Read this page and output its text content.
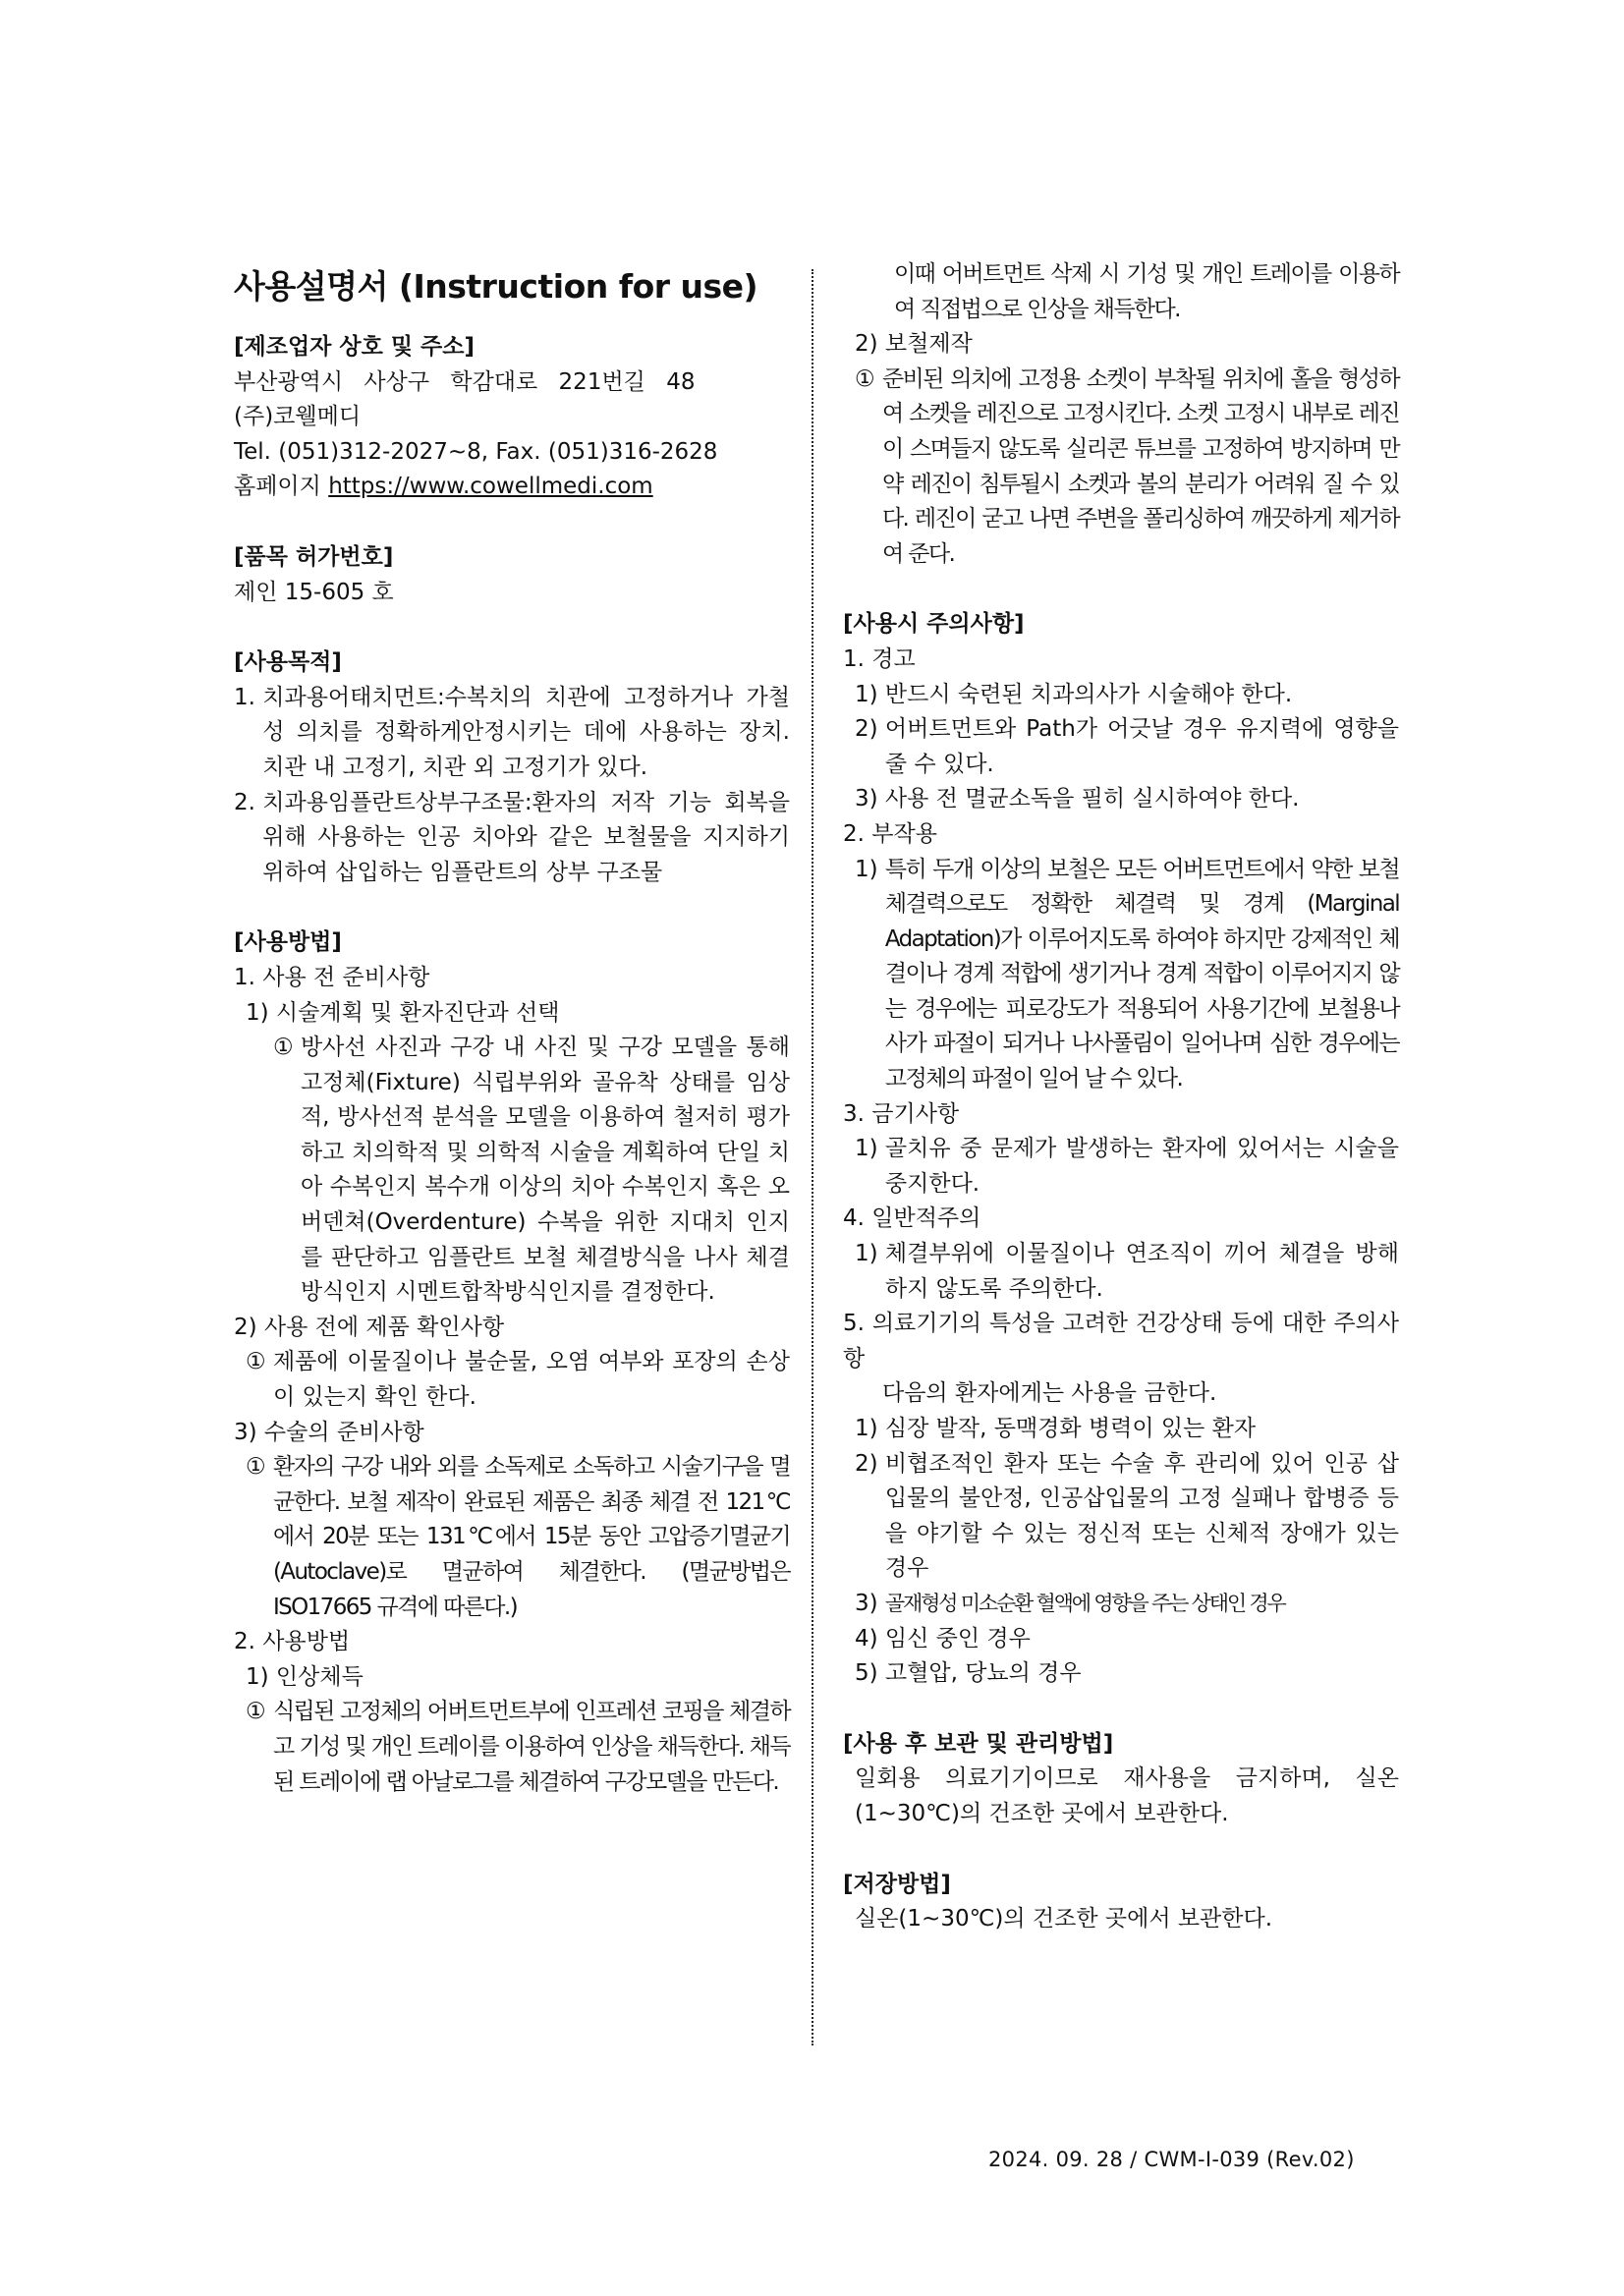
사용설명서 (Instruction for use)
[제조업자 상호 및 주소]
부산광역시 사상구 학감대로 221번길 48
(주)코웰메디
Tel. (051)312-2027~8, Fax. (051)316-2628
홈페이지 https://www.cowellmedi.com
[품목 허가번호]
제인 15-605 호
[사용목적]
1. 치과용어태치먼트:수복치의 치관에 고정하거나 가철성 의치를 정확하게안정시키는 데에 사용하는 장치. 치관 내 고정기, 치관 외 고정기가 있다.
2. 치과용임플란트상부구조물:환자의 저작 기능 회복을 위해 사용하는 인공 치아와 같은 보철물을 지지하기 위하여 삽입하는 임플란트의 상부 구조물
[사용방법]
1. 사용 전 준비사항
1) 시술계획 및 환자진단과 선택
① 방사선 사진과 구강 내 사진 및 구강 모델을 통해 고정체(Fixture) 식립부위와 골유착 상태를 임상적, 방사선적 분석을 모델을 이용하여 철저히 평가하고 치의학적 및 의학적 시술을 계획하여 단일 치아 수복인지 복수개 이상의 치아 수복인지 혹은 오버덴쳐(Overdenture) 수복을 위한 지대치 인지를 판단하고 임플란트 보철 체결방식을 나사 체결 방식인지 시멘트합착방식인지를 결정한다.
2) 사용 전에 제품 확인사항
① 제품에 이물질이나 불순물, 오염 여부와 포장의 손상이 있는지 확인 한다.
3) 수술의 준비사항
① 환자의 구강 내와 외를 소독제로 소독하고 시술기구을 멸균한다. 보철 제작이 완료된 제품은 최종 체결 전 121℃에서 20분 또는 131℃에서 15분 동안 고압증기멸균기(Autoclave)로 멸균하여 체결한다. (멸균방법은 ISO17665 규격에 따른다.)
2. 사용방법
1) 인상체득
① 식립된 고정체의 어버트먼트부에 인프레션 코핑을 체결하고 기성 및 개인 트레이를 이용하여 인상을 채득한다. 채득된 트레이에 랩 아날로그를 체결하여 구강모델을 만든다.
이때 어버트먼트 삭제 시 기성 및 개인 트레이를 이용하여 직접법으로 인상을 채득한다.
2) 보철제작
① 준비된 의치에 고정용 소켓이 부착될 위치에 홀을 형성하여 소켓을 레진으로 고정시킨다. 소켓 고정시 내부로 레진이 스며들지 않도록 실리콘 튜브를 고정하여 방지하며 만약 레진이 침투될시 소켓과 볼의 분리가 어려워 질 수 있다. 레진이 굳고 나면 주변을 폴리싱하여 깨끗하게 제거하여 준다.
[사용시 주의사항]
1. 경고
1) 반드시 숙련된 치과의사가 시술해야 한다.
2) 어버트먼트와 Path가 어긋날 경우 유지력에 영향을 줄 수 있다.
3) 사용 전 멸균소독을 필히 실시하여야 한다.
2. 부작용
1) 특히 두개 이상의 보철은 모든 어버트먼트에서 약한 보철 체결력으로도 정확한 체결력 및 경계 (Marginal Adaptation)가 이루어지도록 하여야 하지만 강제적인 체결이나 경계 적합에 생기거나 경계 적합이 이루어지지 않는 경우에는 피로강도가 적용되어 사용기간에 보철용나사가 파절이 되거나 나사풀림이 일어나며 심한 경우에는 고정체의 파절이 일어 날 수 있다.
3. 금기사항
1) 골치유 중 문제가 발생하는 환자에 있어서는 시술을 중지한다.
4. 일반적주의
1) 체결부위에 이물질이나 연조직이 끼어 체결을 방해하지 않도록 주의한다.
5. 의료기기의 특성을 고려한 건강상태 등에 대한 주의사항
다음의 환자에게는 사용을 금한다.
1) 심장 발작, 동맥경화 병력이 있는 환자
2) 비협조적인 환자 또는 수술 후 관리에 있어 인공 삽입물의 불안정, 인공삽입물의 고정 실패나 합병증 등을 야기할 수 있는 정신적 또는 신체적 장애가 있는 경우
3) 골재형성 미소순환 혈액에 영향을 주는 상태인 경우
4) 임신 중인 경우
5) 고혈압, 당뇨의 경우
[사용 후 보관 및 관리방법]
일회용 의료기기이므로 재사용을 금지하며, 실온(1~30℃)의 건조한 곳에서 보관한다.
[저장방법]
실온(1~30℃)의 건조한 곳에서 보관한다.
2024. 09. 28 / CWM-I-039 (Rev.02)
